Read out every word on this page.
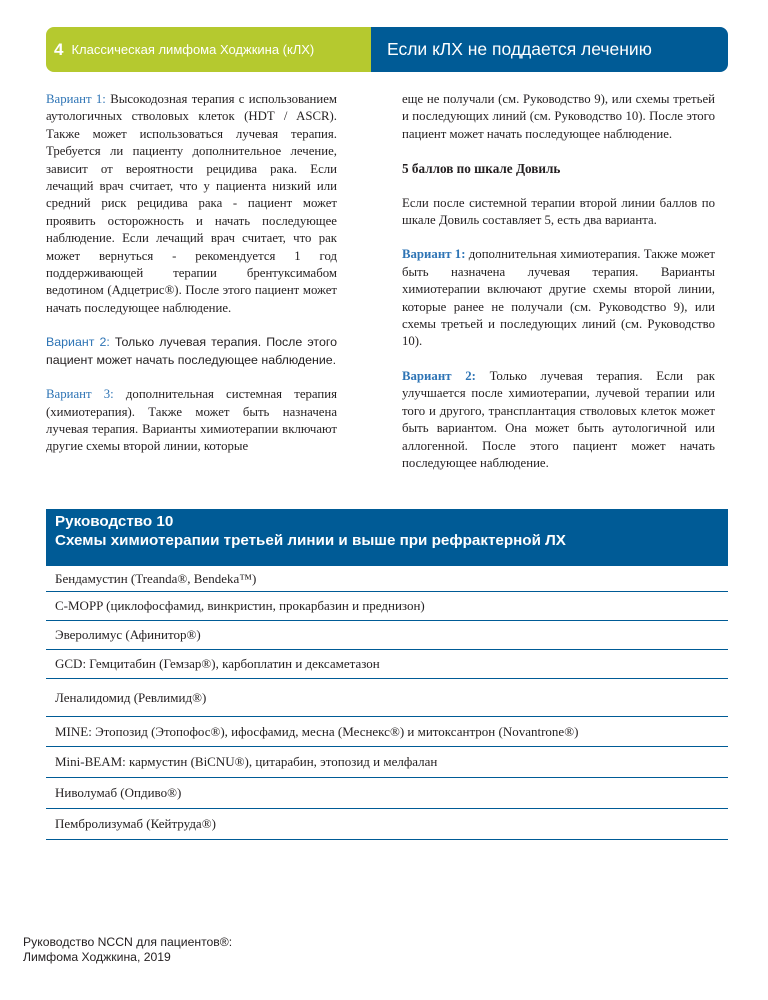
4 Классическая лимфома Ходжкина (кЛХ)	Если кЛХ не поддается лечению

Вариант 1: Высокодозная терапия с использованием аутологичных стволовых клеток (HDT / ASCR). Также может использоваться лучевая терапия. Требуется ли пациенту дополнительное лечение, зависит от вероятности рецидива рака. Если лечащий врач считает, что у пациента низкий или средний риск рецидива рака - пациент может проявить осторожность и начать последующее наблюдение. Если лечащий врач считает, что рак может вернуться - рекомендуется 1 год поддерживающей терапии брентуксимабом ведотином (Адцетрис®). После этого пациент может начать последующее наблюдение.

Вариант 2: Только лучевая терапия. После этого пациент может начать последующее наблюдение.

Вариант 3: дополнительная системная терапия (химиотерапия). Также может быть назначена лучевая терапия. Варианты химиотерапии включают другие схемы второй линии, которые

еще не получали (см. Руководство 9), или схемы третьей и последующих линий (см. Руководство 10). После этого пациент может начать последующее наблюдение.

5 баллов по шкале Довиль

Если после системной терапии второй линии баллов по шкале Довиль составляет 5, есть два варианта.

Вариант 1: дополнительная химиотерапия. Также может быть назначена лучевая терапия. Варианты химиотерапии включают другие схемы второй линии, которые ранее не получали (см. Руководство 9), или схемы третьей и последующих линий (см. Руководство 10).

Вариант 2: Только лучевая терапия. Если рак улучшается после химиотерапии, лучевой терапии или того и другого, трансплантация стволовых клеток может быть вариантом. Она может быть аутологичной или аллогенной. После этого пациент может начать последующее наблюдение.

Руководство 10
Схемы химиотерапии третьей линии и выше при рефрактерной ЛХ
Бендамустин (Treanda®, Bendeka™)
C-MOPP (циклофосфамид, винкристин, прокарбазин и преднизон)
Эверолимус (Афинитор®)
GCD: Гемцитабин (Гемзар®), карбоплатин и дексаметазон
Леналидомид (Ревлимид®)
MINE: Этопозид (Этопофос®), ифосфамид, месна (Меснекс®) и митоксантрон (Novantrone®)
Mini-BEAM: кармустин (BiCNU®), цитарабин, этопозид и мелфалан
Ниволумаб (Опдиво®)
Пембролизумаб (Кейтруда®)
Руководство NCCN для пациентов®:
Лимфома Ходжкина, 2019
